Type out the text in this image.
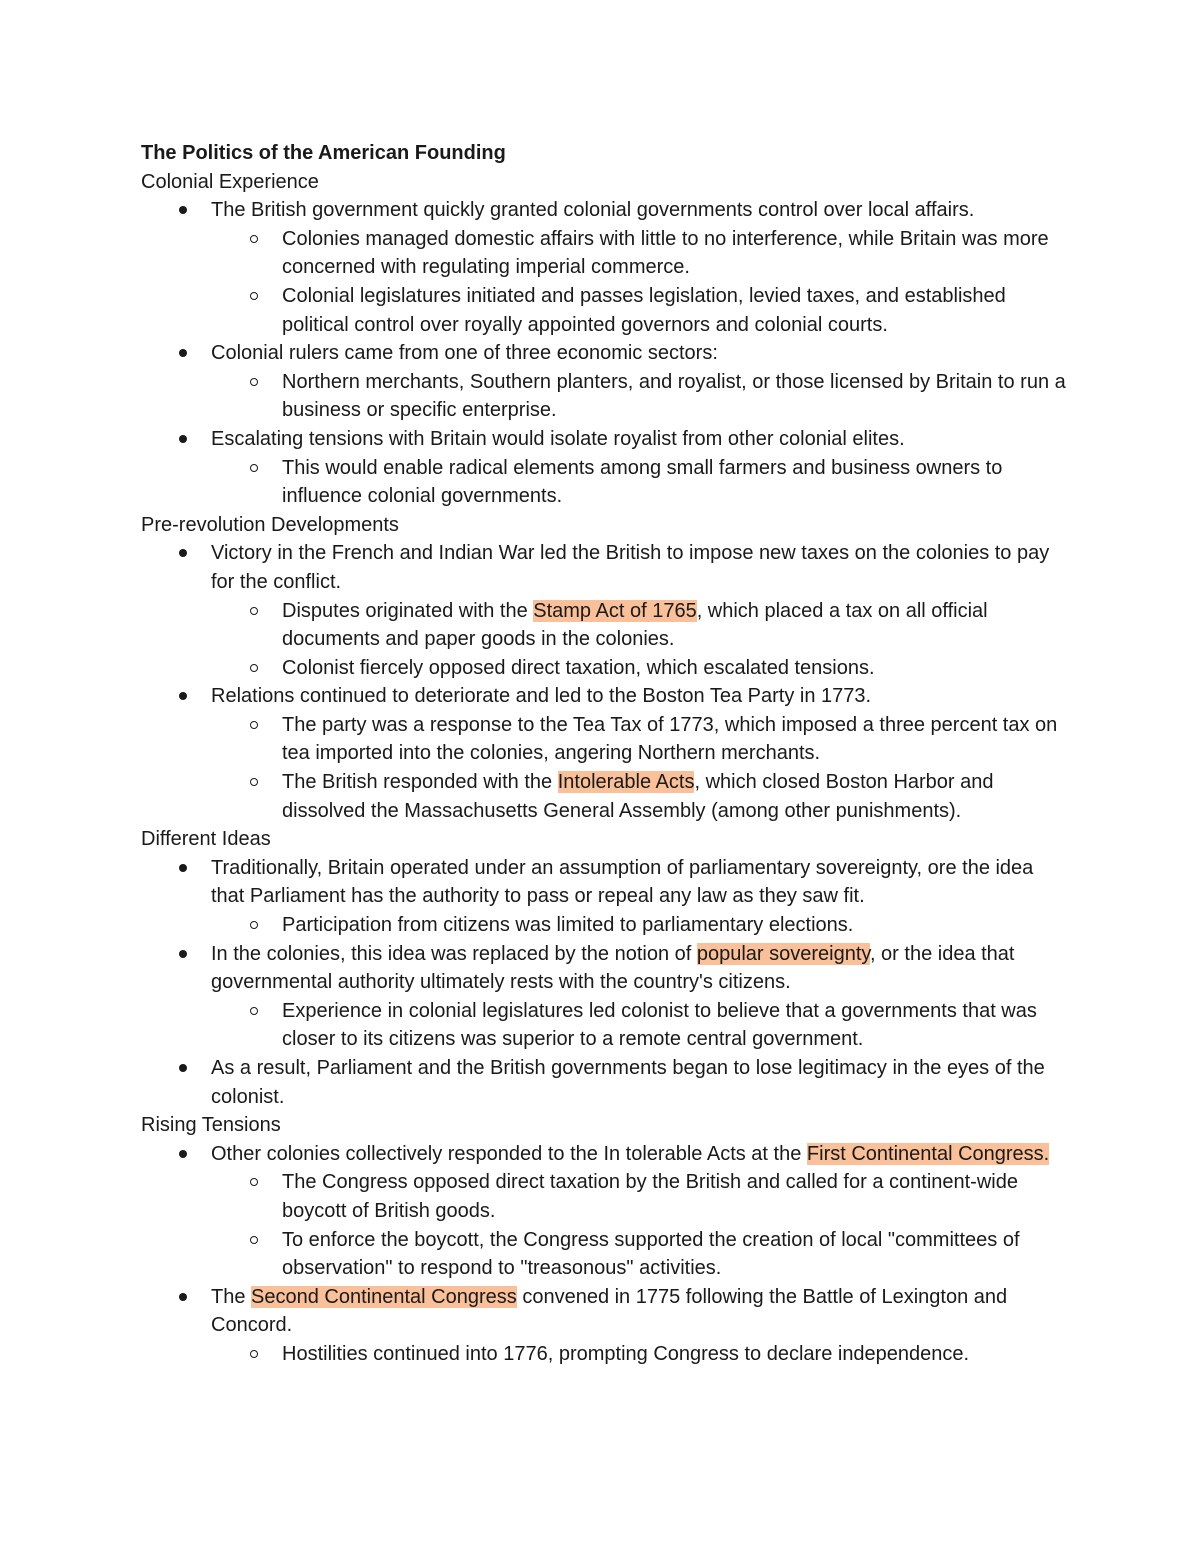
The Politics of the American Founding
Colonial Experience
The British government quickly granted colonial governments control over local affairs.
Colonies managed domestic affairs with little to no interference, while Britain was more concerned with regulating imperial commerce.
Colonial legislatures initiated and passes legislation, levied taxes, and established political control over royally appointed governors and colonial courts.
Colonial rulers came from one of three economic sectors:
Northern merchants, Southern planters, and royalist, or those licensed by Britain to run a business or specific enterprise.
Escalating tensions with Britain would isolate royalist from other colonial elites.
This would enable radical elements among small farmers and business owners to influence colonial governments.
Pre-revolution Developments
Victory in the French and Indian War led the British to impose new taxes on the colonies to pay for the conflict.
Disputes originated with the Stamp Act of 1765, which placed a tax on all official documents and paper goods in the colonies.
Colonist fiercely opposed direct taxation, which escalated tensions.
Relations continued to deteriorate and led to the Boston Tea Party in 1773.
The party was a response to the Tea Tax of 1773, which imposed a three percent tax on tea imported into the colonies, angering Northern merchants.
The British responded with the Intolerable Acts, which closed Boston Harbor and dissolved the Massachusetts General Assembly (among other punishments).
Different Ideas
Traditionally, Britain operated under an assumption of parliamentary sovereignty, ore the idea that Parliament has the authority to pass or repeal any law as they saw fit.
Participation from citizens was limited to parliamentary elections.
In the colonies, this idea was replaced by the notion of popular sovereignty, or the idea that governmental authority ultimately rests with the country's citizens.
Experience in colonial legislatures led colonist to believe that a governments that was closer to its citizens was superior to a remote central government.
As a result, Parliament and the British governments began to lose legitimacy in the eyes of the colonist.
Rising Tensions
Other colonies collectively responded to the In tolerable Acts at the First Continental Congress.
The Congress opposed direct taxation by the British and called for a continent-wide boycott of British goods.
To enforce the boycott, the Congress supported the creation of local "committees of observation" to respond to "treasonous" activities.
The Second Continental Congress convened in 1775 following the Battle of Lexington and Concord.
Hostilities continued into 1776, prompting Congress to declare independence.
